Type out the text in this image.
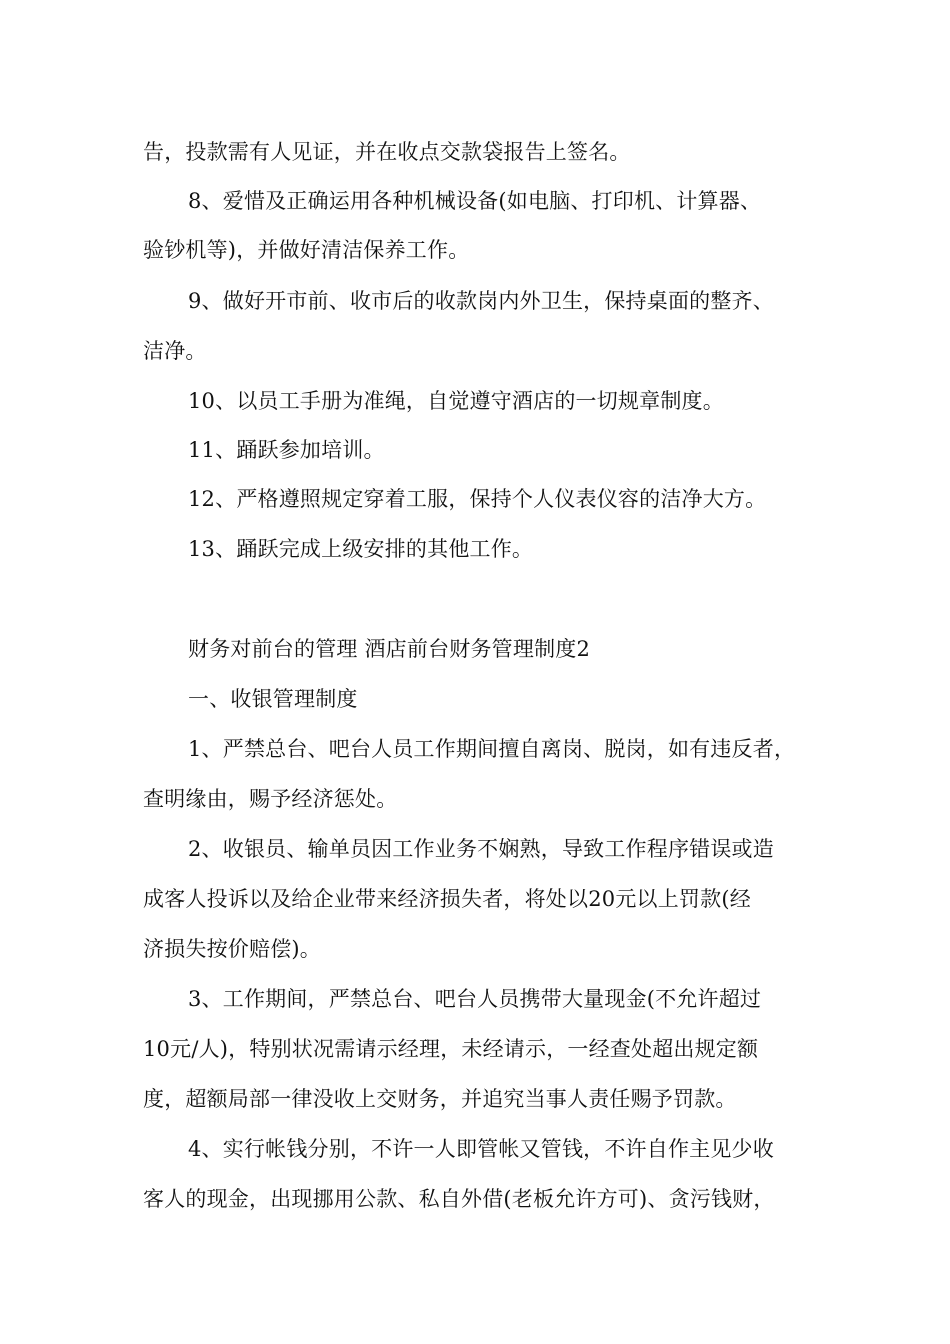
告，投款需有人见证，并在收点交款袋报告上签名。
8、爱惜及正确运用各种机械设备(如电脑、打印机、计算器、
验钞机等)，并做好清洁保养工作。
9、做好开市前、收市后的收款岗内外卫生，保持桌面的整齐、
洁净。
10、以员工手册为准绳，自觉遵守酒店的一切规章制度。
11、踊跃参加培训。
12、严格遵照规定穿着工服，保持个人仪表仪容的洁净大方。
13、踊跃完成上级安排的其他工作。
财务对前台的管理 酒店前台财务管理制度2
一、收银管理制度
1、严禁总台、吧台人员工作期间擅自离岗、脱岗，如有违反者，
查明缘由，赐予经济惩处。
2、收银员、输单员因工作业务不娴熟，导致工作程序错误或造
成客人投诉以及给企业带来经济损失者，将处以20元以上罚款(经
济损失按价赔偿)。
3、工作期间，严禁总台、吧台人员携带大量现金(不允许超过
10元/人)，特别状况需请示经理，未经请示，一经查处超出规定额
度，超额局部一律没收上交财务，并追究当事人责任赐予罚款。
4、实行帐钱分别，不许一人即管帐又管钱，不许自作主见少收
客人的现金，出现挪用公款、私自外借(老板允许方可)、贪污钱财，
